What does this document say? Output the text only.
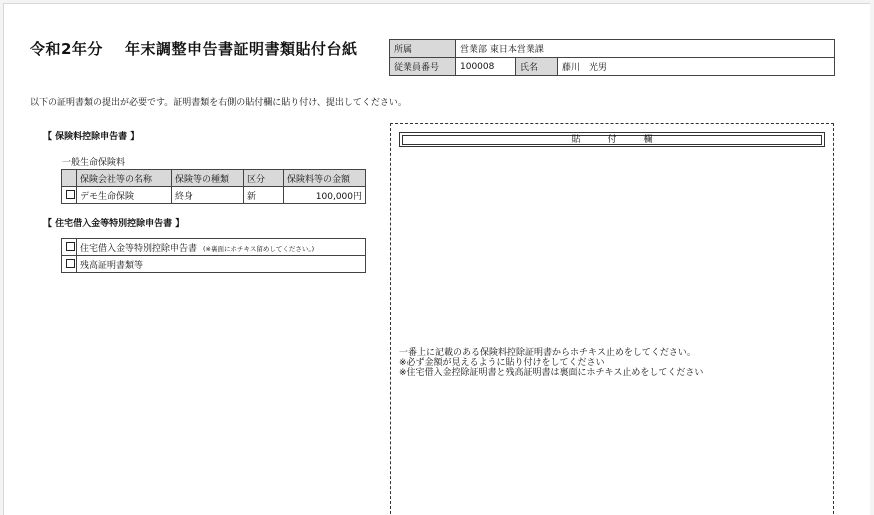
令和2年分 年末調整申告書証明書類貼付台紙	所属	営業部 東日本営業課		
従業員番号	100008	氏名	藤川　光男
以下の証明書類の提出が必要です。証明書類を右側の貼付欄に貼り付け、提出してください。
【 保険料控除申告書 】
一般生命保険料
	保険会社等の名称	保険等の種類	区分	保険料等の金額
	デモ生命保険	終身	新	100,000円
【 住宅借入金等特別控除申告書 】
	住宅借入金等特別控除申告書 (※裏面にホチキス留めしてください。)
	残高証明書類等
貼　　　付　　　欄
一番上に記載のある保険料控除証明書からホチキス止めをしてください。
※必ず金額が見えるように貼り付けをしてください
※住宅借入金控除証明書と残高証明書は裏面にホチキス止めをしてください
